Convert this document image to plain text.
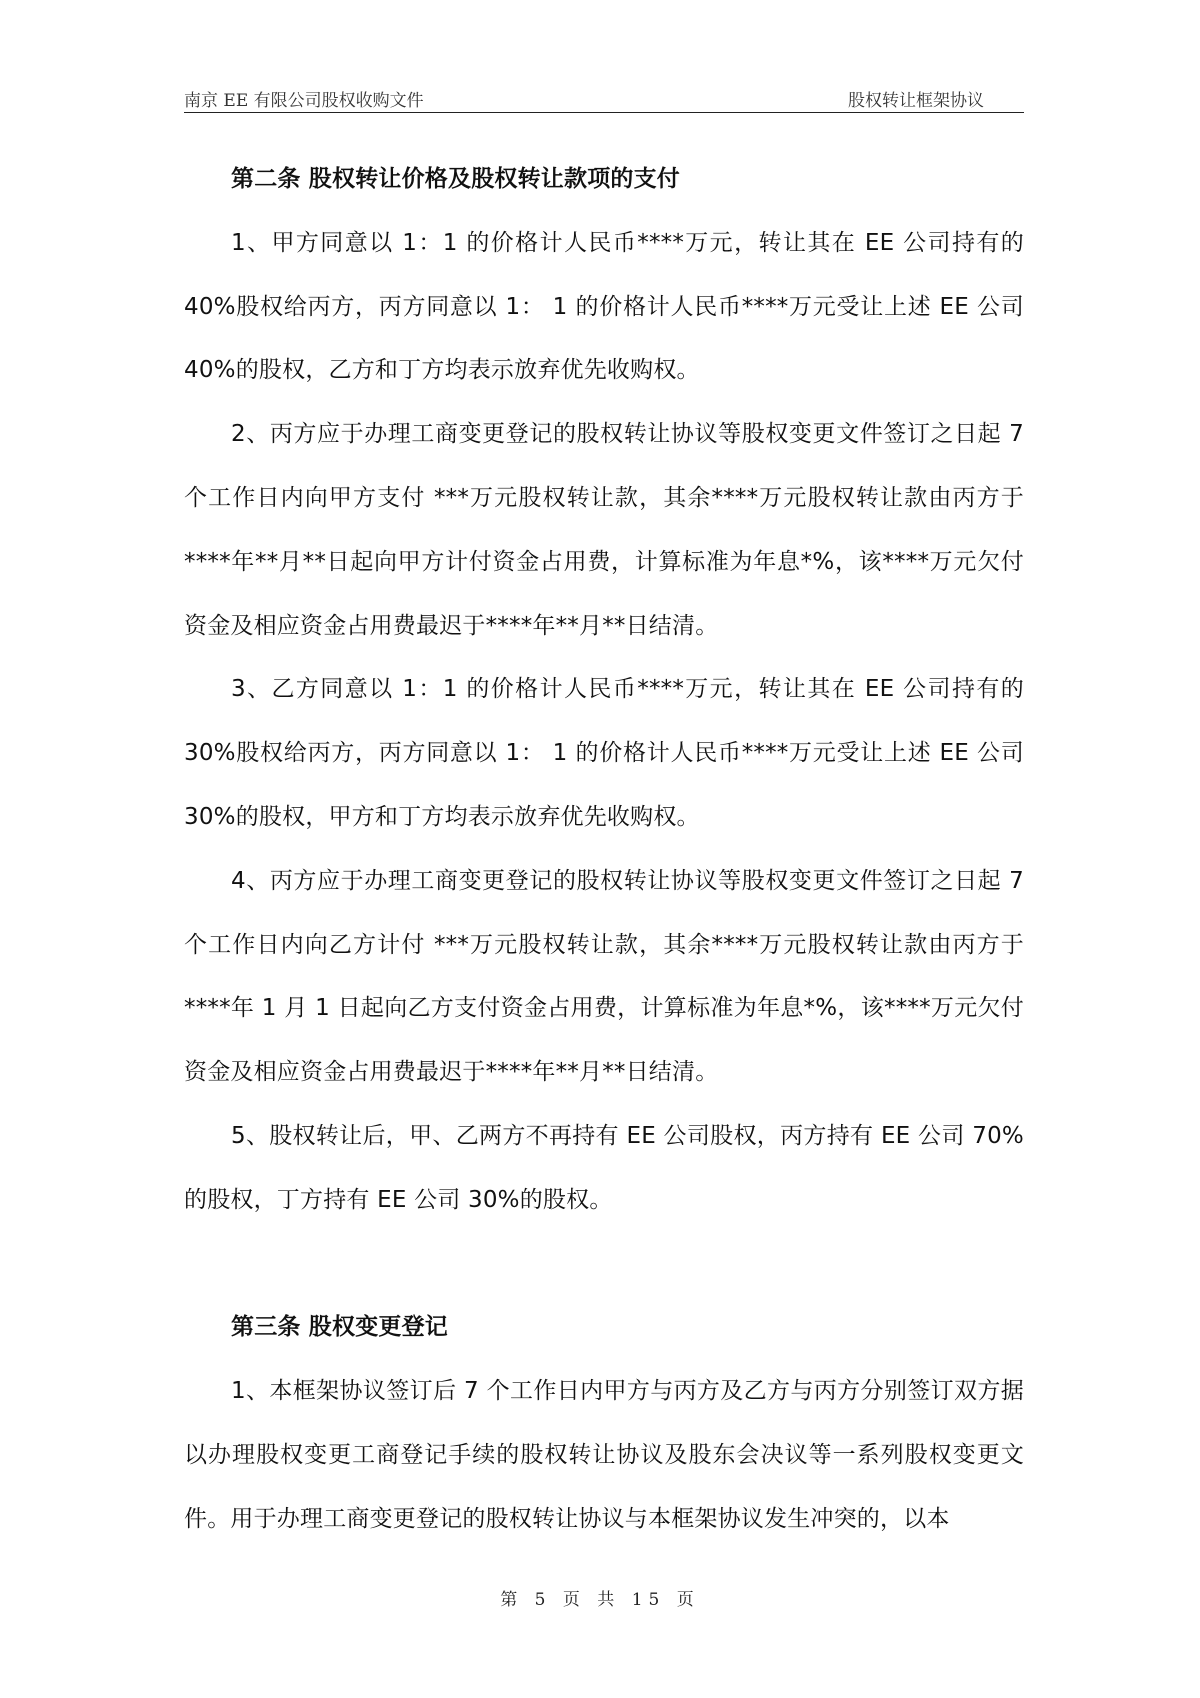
南京 EE 有限公司股权收购文件	股权转让框架协议

第二条 股权转让价格及股权转让款项的支付

1、甲方同意以 1：1 的价格计人民币****万元，转让其在 EE 公司持有的 40%股权给丙方，丙方同意以 1： 1 的价格计人民币****万元受让上述 EE 公司 40%的股权，乙方和丁方均表示放弃优先收购权。

2、丙方应于办理工商变更登记的股权转让协议等股权变更文件签订之日起 7 个工作日内向甲方支付 ***万元股权转让款，其余****万元股权转让款由丙方于****年**月**日起向甲方计付资金占用费，计算标准为年息*%，该****万元欠付资金及相应资金占用费最迟于****年**月**日结清。

3、乙方同意以 1：1 的价格计人民币****万元，转让其在 EE 公司持有的 30%股权给丙方，丙方同意以 1： 1 的价格计人民币****万元受让上述 EE 公司 30%的股权，甲方和丁方均表示放弃优先收购权。

4、丙方应于办理工商变更登记的股权转让协议等股权变更文件签订之日起 7 个工作日内向乙方计付 ***万元股权转让款，其余****万元股权转让款由丙方于****年 1 月 1 日起向乙方支付资金占用费，计算标准为年息*%，该****万元欠付资金及相应资金占用费最迟于****年**月**日结清。

5、股权转让后，甲、乙两方不再持有 EE 公司股权，丙方持有 EE 公司 70%的股权，丁方持有 EE 公司 30%的股权。

第三条 股权变更登记

1、本框架协议签订后 7 个工作日内甲方与丙方及乙方与丙方分别签订双方据以办理股权变更工商登记手续的股权转让协议及股东会决议等一系列股权变更文件。用于办理工商变更登记的股权转让协议与本框架协议发生冲突的，以本

第 5 页 共 15 页
